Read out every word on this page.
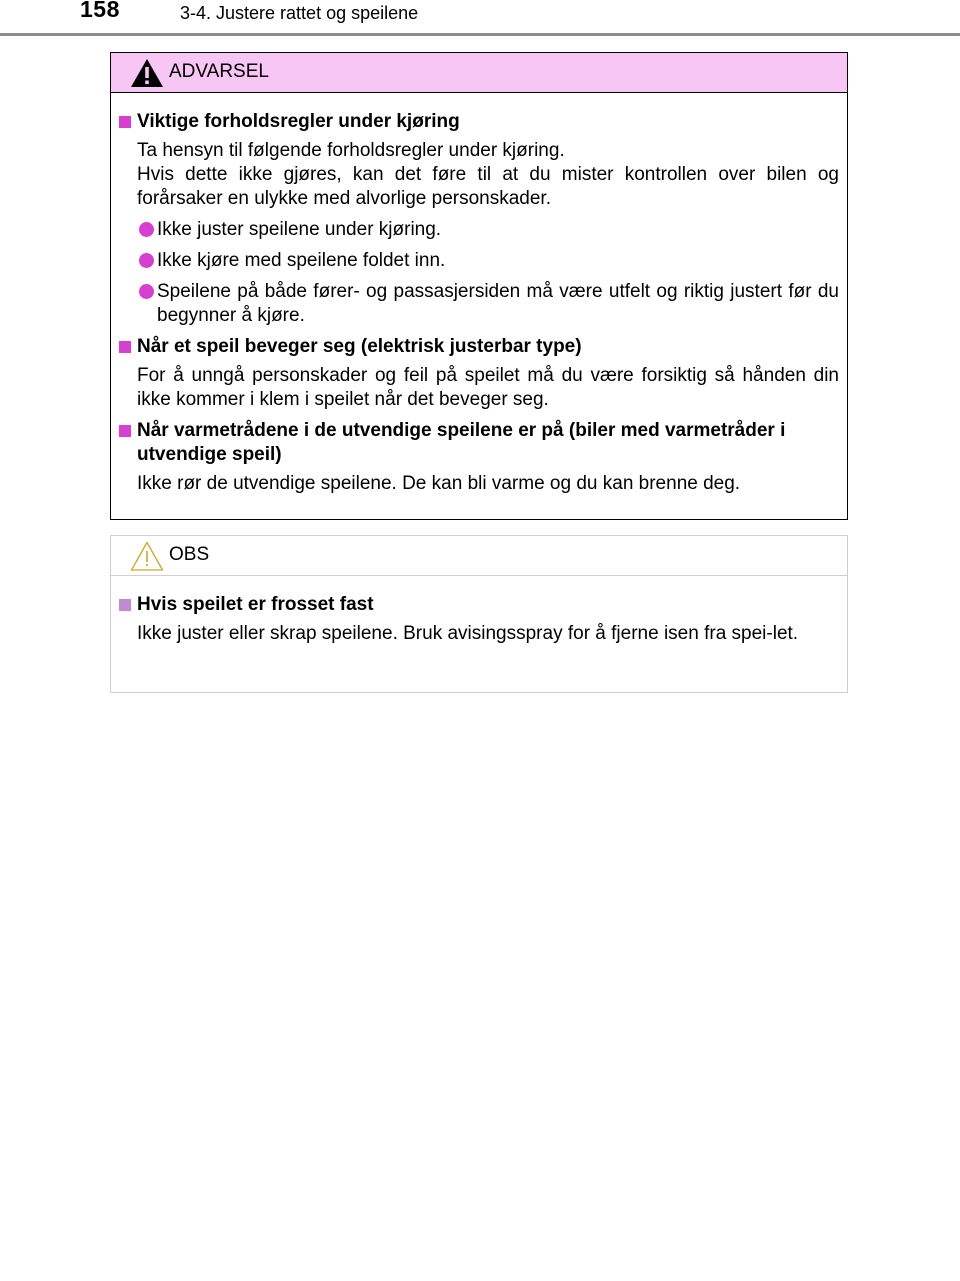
158	3-4. Justere rattet og speilene
ADVARSEL
Viktige forholdsregler under kjøring

Ta hensyn til følgende forholdsregler under kjøring.

Hvis dette ikke gjøres, kan det føre til at du mister kontrollen over bilen og forårsaker en ulykke med alvorlige personskader.

Ikke juster speilene under kjøring.
Ikke kjøre med speilene foldet inn.
Speilene på både fører- og passasjersiden må være utfelt og riktig justert før du begynner å kjøre.
Når et speil beveger seg (elektrisk justerbar type)

For å unngå personskader og feil på speilet må du være forsiktig så hånden din ikke kommer i klem i speilet når det beveger seg.

Når varmetrådene i de utvendige speilene er på (biler med varmetråder i utvendige speil)

Ikke rør de utvendige speilene. De kan bli varme og du kan brenne deg.

OBS
Hvis speilet er frosset fast

Ikke juster eller skrap speilene. Bruk avisingsspray for å fjerne isen fra spei-let.
